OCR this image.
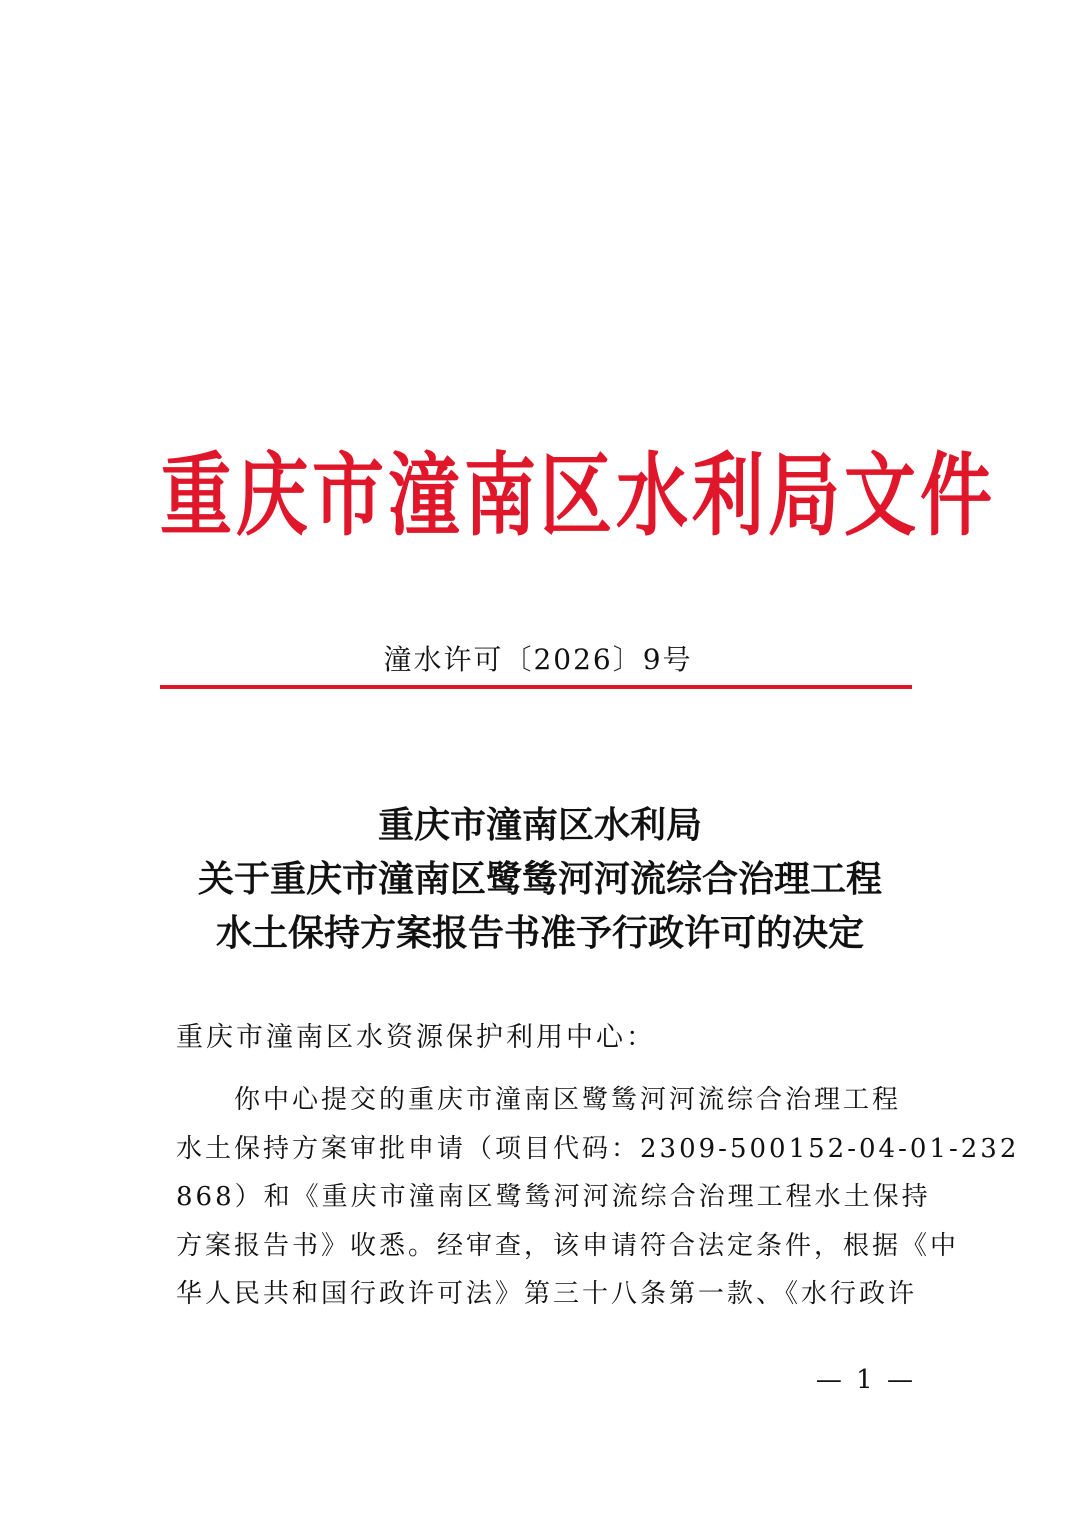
重庆市潼南区水利局文件
潼水许可〔2026〕9号
重庆市潼南区水利局
关于重庆市潼南区鹭鸶河河流综合治理工程
水土保持方案报告书准予行政许可的决定
重庆市潼南区水资源保护利用中心：
你中心提交的重庆市潼南区鹭鸶河河流综合治理工程
水土保持方案审批申请（项目代码：2309-500152-04-01-232
868）和《重庆市潼南区鹭鸶河河流综合治理工程水土保持
方案报告书》收悉。经审查，该申请符合法定条件，根据《中
华人民共和国行政许可法》第三十八条第一款、《水行政许
— 1 —
